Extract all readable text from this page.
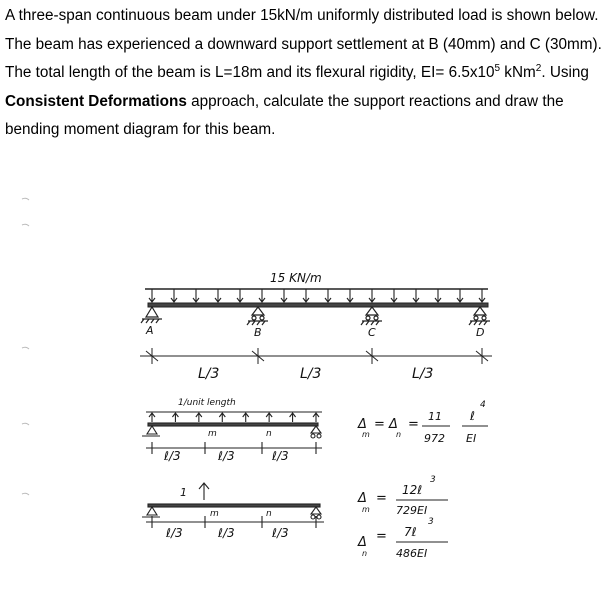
A three-span continuous beam under 15kN/m uniformly distributed load is shown below. The beam has experienced a downward support settlement at B (40mm) and C (30mm). The total length of the beam is L=18m and its flexural rigidity, $EI= 6.5x10^5$ kNm$^2$. Using Consistent Deformations approach, calculate the support reactions and draw the bending moment diagram for this beam.
15 KN/m
A	B	C	D
L/3	L/3	L/3
1/unit length
m	n
ℓ/3	ℓ/3	ℓ/3
Δ
m
= Δ
n
=
11
972
ℓ
4
EI
1
m	n
ℓ/3	ℓ/3	ℓ/3
Δ
m
=
12ℓ
3
729EI
Δ
n
= 7ℓ
3
486EI
